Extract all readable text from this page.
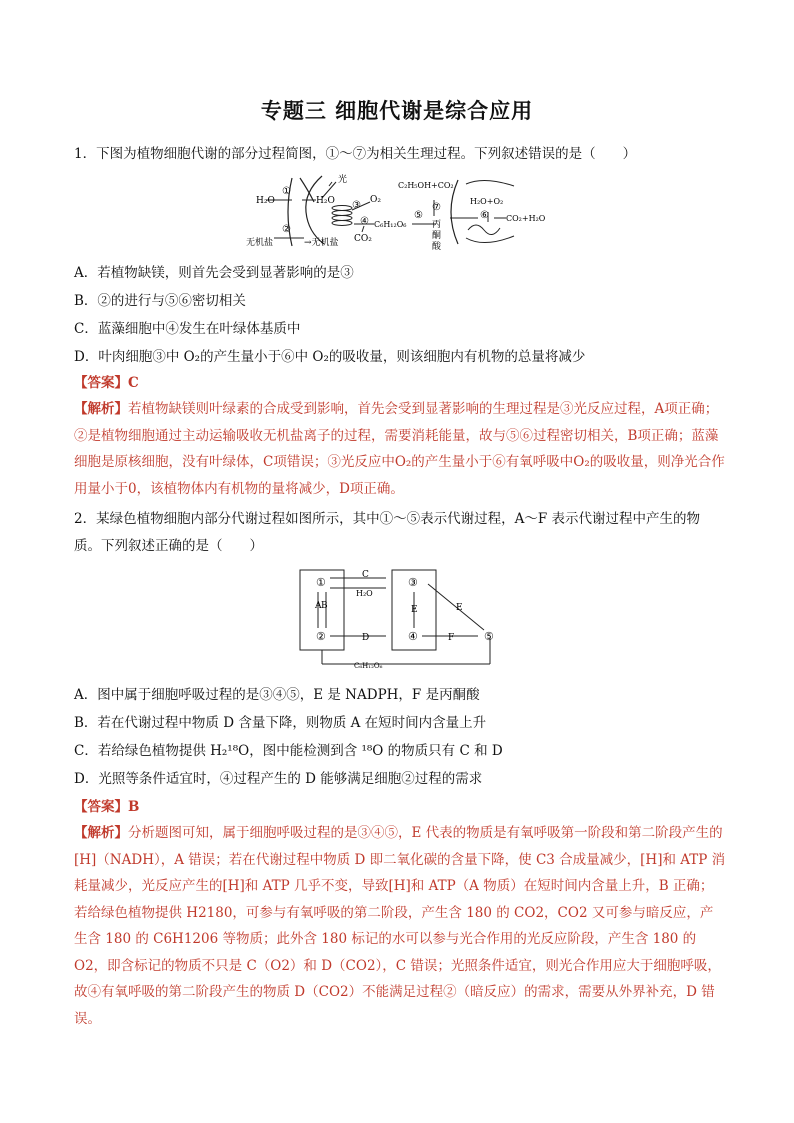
专题三 细胞代谢是综合应用
1．下图为植物细胞代谢的部分过程简图，①～⑦为相关生理过程。下列叙述错误的是（　　）
H₂O
①
②
无机盐
光
H₂O
→无机盐
③ O₂
④ C₆H₁₂O₆
CO₂
⑤
C₂H₅OH+CO₂
⑦
丙
酮
酸
H₂O+O₂
⑥ CO₂+H₂O
A．若植物缺镁，则首先会受到显著影响的是③
B．②的进行与⑤⑥密切相关
C．蓝藻细胞中④发生在叶绿体基质中
D．叶肉细胞③中 O₂的产生量小于⑥中 O₂的吸收量，则该细胞内有机物的总量将减少
【答案】C
【解析】若植物缺镁则叶绿素的合成受到影响，首先会受到显著影响的生理过程是③光反应过程，A项正确；②是植物细胞通过主动运输吸收无机盐离子的过程，需要消耗能量，故与⑤⑥过程密切相关，B项正确；蓝藻细胞是原核细胞，没有叶绿体，C项错误；③光反应中O₂的产生量小于⑥有氧呼吸中O₂的吸收量，则净光合作用量小于0，该植物体内有机物的量将减少，D项正确。
2．某绿色植物细胞内部分代谢过程如图所示，其中①～⑤表示代谢过程，A～F 表示代谢过程中产生的物质。下列叙述正确的是（　　）
①
②
③
④	⑤
A B
C
H₂O
D
E	E
F
C₆H₁₂O₆
A．图中属于细胞呼吸过程的是③④⑤，E 是 NADPH，F 是丙酮酸
B．若在代谢过程中物质 D 含量下降，则物质 A 在短时间内含量上升
C．若给绿色植物提供 H₂¹⁸O，图中能检测到含 ¹⁸O 的物质只有 C 和 D
D．光照等条件适宜时，④过程产生的 D 能够满足细胞②过程的需求
【答案】B
【解析】分析题图可知，属于细胞呼吸过程的是③④⑤，E 代表的物质是有氧呼吸第一阶段和第二阶段产生的[H]（NADH），A 错误；若在代谢过程中物质 D 即二氧化碳的含量下降，使 C3 合成量减少，[H]和 ATP 消耗量减少，光反应产生的[H]和 ATP 几乎不变，导致[H]和 ATP（A 物质）在短时间内含量上升，B 正确；若给绿色植物提供 H2180，可参与有氧呼吸的第二阶段，产生含 180 的 CO2，CO2 又可参与暗反应，产生含 180 的 C6H1206 等物质；此外含 180 标记的水可以参与光合作用的光反应阶段，产生含 180 的 O2，即含标记的物质不只是 C（O2）和 D（CO2），C 错误；光照条件适宜，则光合作用应大于细胞呼吸，故④有氧呼吸的第二阶段产生的物质 D（CO2）不能满足过程②（暗反应）的需求，需要从外界补充，D 错误。
